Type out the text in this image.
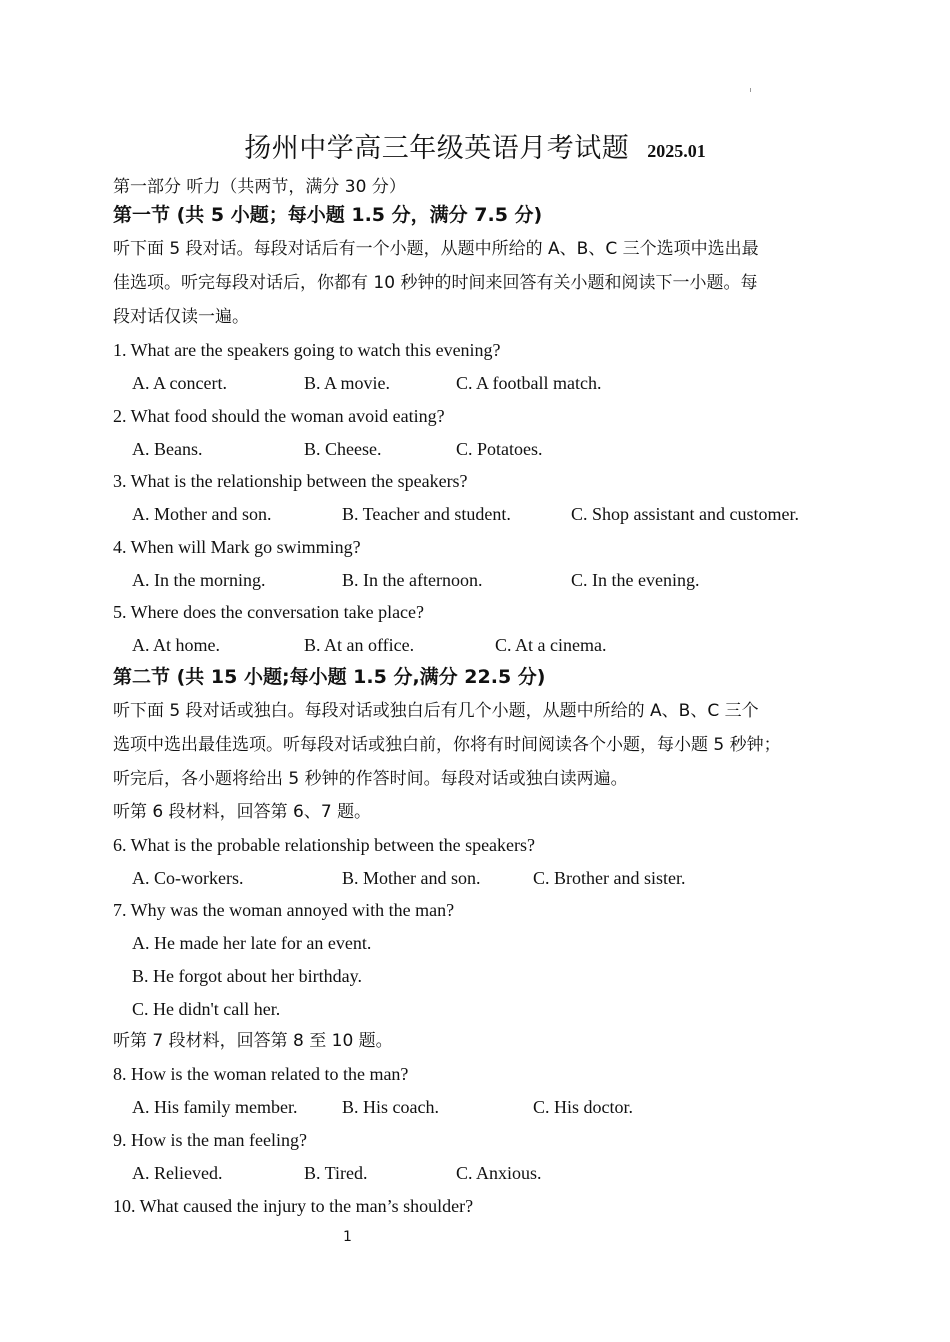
扬州中学高三年级英语月考试题 2025.01
第一部分 听力（共两节，满分 30 分）
第一节 (共 5 小题；每小题 1.5 分，满分 7.5 分)
听下面 5 段对话。每段对话后有一个小题，从题中所给的 A、B、C 三个选项中选出最
佳选项。听完每段对话后，你都有 10 秒钟的时间来回答有关小题和阅读下一小题。每
段对话仅读一遍。
1. What are the speakers going to watch this evening?
A. A concert.	B. A movie.	C. A football match.
2. What food should the woman avoid eating?
A. Beans.	B. Cheese.	C. Potatoes.
3. What is the relationship between the speakers?
A. Mother and son.	B. Teacher and student.	C. Shop assistant and customer.
4. When will Mark go swimming?
A. In the morning.	B. In the afternoon.	C. In the evening.
5. Where does the conversation take place?
A. At home.	B. At an office.	C. At a cinema.
第二节 (共 15 小题;每小题 1.5 分,满分 22.5 分)
听下面 5 段对话或独白。每段对话或独白后有几个小题，从题中所给的 A、B、C 三个
选项中选出最佳选项。听每段对话或独白前，你将有时间阅读各个小题，每小题 5 秒钟；
听完后，各小题将给出 5 秒钟的作答时间。每段对话或独白读两遍。
听第 6 段材料，回答第 6、7 题。
6. What is the probable relationship between the speakers?
A. Co-workers.	B. Mother and son.	C. Brother and sister.
7. Why was the woman annoyed with the man?
A. He made her late for an event.
B. He forgot about her birthday.
C. He didn't call her.
听第 7 段材料，回答第 8 至 10 题。
8. How is the woman related to the man?
A. His family member. B. His coach.	C. His doctor.
9. How is the man feeling?
A. Relieved.	B. Tired.	C. Anxious.
10. What caused the injury to the man’s shoulder?
1
